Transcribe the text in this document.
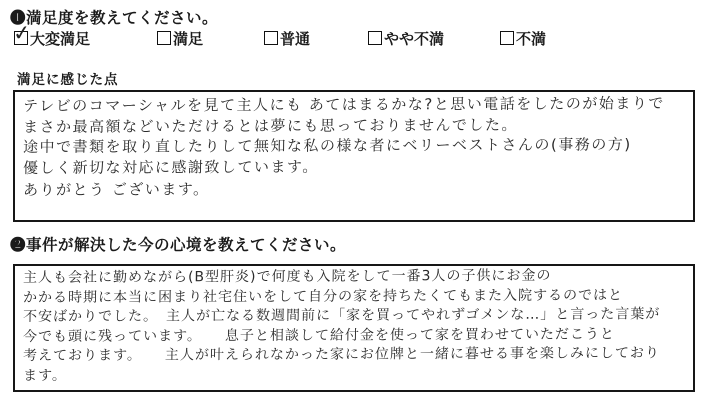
❶満足度を教えてください。
✓
大変満足	満足	普通	やや不満	不満
満足に感じた点
テレビのコマーシャルを見て主人にも あてはまるかな?と思い電話をしたのが始まりで
まさか最高額などいただけるとは夢にも思っておりませんでした。
途中で書類を取り直したりして無知な私の様な者にベリーベストさんの(事務の方)
優しく新切な対応に感謝致しています。
ありがとう ございます。
❷事件が解決した今の心境を教えてください。
主人も会社に勤めながら(B型肝炎)で何度も入院をして一番3人の子供にお金の
かかる時期に本当に困まり社宅住いをして自分の家を持ちたくてもまた入院するのではと
不安ばかりでした。　主人が亡なる数週間前に「家を買ってやれずゴメンな…」と言った言葉が
今でも頭に残っています。　　息子と相談して給付金を使って家を買わせていただこうと
考えております。　　主人が叶えられなかった家にお位牌と一緒に暮せる事を楽しみにしており
ます。
